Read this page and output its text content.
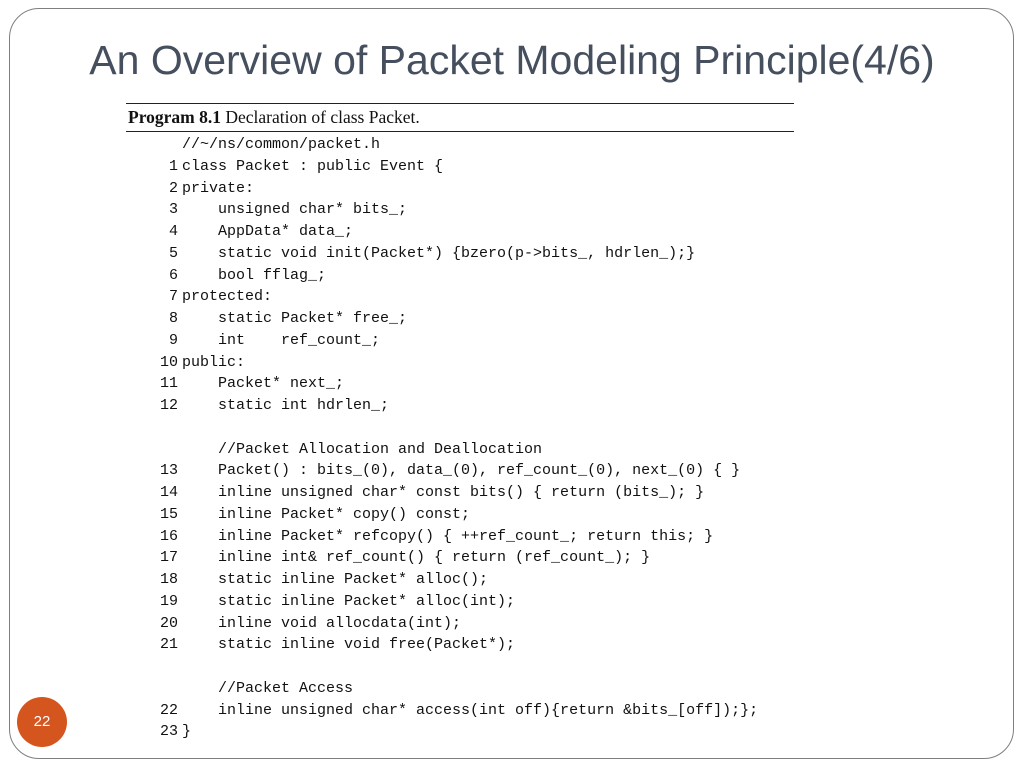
An Overview of Packet Modeling Principle(4/6)
Program 8.1 Declaration of class Packet.
//~/ns/common/packet.h
1 class Packet : public Event {
2 private:
3 unsigned char* bits_;
4 AppData* data_;
5 static void init(Packet*) {bzero(p->bits_, hdrlen_);}
6 bool fflag_;
7 protected:
8 static Packet* free_;
9 int    ref_count_;
10 public:
11 Packet* next_;
12 static int hdrlen_;
//Packet Allocation and Deallocation
13 Packet() : bits_(0), data_(0), ref_count_(0), next_(0) { }
14 inline unsigned char* const bits() { return (bits_); }
15 inline Packet* copy() const;
16 inline Packet* refcopy() { ++ref_count_; return this; }
17 inline int& ref_count() { return (ref_count_); }
18 static inline Packet* alloc();
19 static inline Packet* alloc(int);
20 inline void allocdata(int);
21 static inline void free(Packet*);
//Packet Access
22 inline unsigned char* access(int off){return &bits_[off]);};
23 }
22
